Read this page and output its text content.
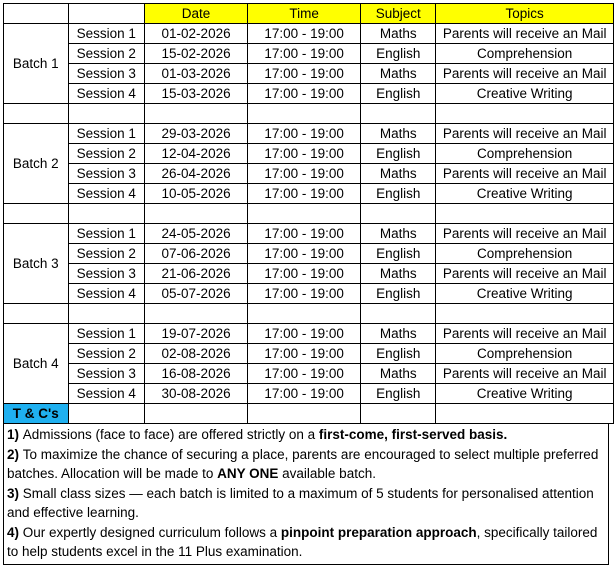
		Date	Time	Subject	Topics
Batch 1	Session 1	01-02-2026	17:00 - 19:00	Maths	Parents will receive an Mail
	Session 2	15-02-2026	17:00 - 19:00	English	Comprehension
	Session 3	01-03-2026	17:00 - 19:00	Maths	Parents will receive an Mail
	Session 4	15-03-2026	17:00 - 19:00	English	Creative Writing

Batch 2	Session 1	29-03-2026	17:00 - 19:00	Maths	Parents will receive an Mail
	Session 2	12-04-2026	17:00 - 19:00	English	Comprehension
	Session 3	26-04-2026	17:00 - 19:00	Maths	Parents will receive an Mail
	Session 4	10-05-2026	17:00 - 19:00	English	Creative Writing

Batch 3	Session 1	24-05-2026	17:00 - 19:00	Maths	Parents will receive an Mail
	Session 2	07-06-2026	17:00 - 19:00	English	Comprehension
	Session 3	21-06-2026	17:00 - 19:00	Maths	Parents will receive an Mail
	Session 4	05-07-2026	17:00 - 19:00	English	Creative Writing

Batch 4	Session 1	19-07-2026	17:00 - 19:00	Maths	Parents will receive an Mail
	Session 2	02-08-2026	17:00 - 19:00	English	Comprehension
	Session 3	16-08-2026	17:00 - 19:00	Maths	Parents will receive an Mail
	Session 4	30-08-2026	17:00 - 19:00	English	Creative Writing
T & C's					

1) Admissions (face to face) are offered strictly on a first-come, first-served basis.

2) To maximize the chance of securing a place, parents are encouraged to select multiple preferred batches. Allocation will be made to ANY ONE available batch.

3) Small class sizes — each batch is limited to a maximum of 5 students for personalised attention and effective learning.

4) Our expertly designed curriculum follows a pinpoint preparation approach, specifically tailored to help students excel in the 11 Plus examination.
